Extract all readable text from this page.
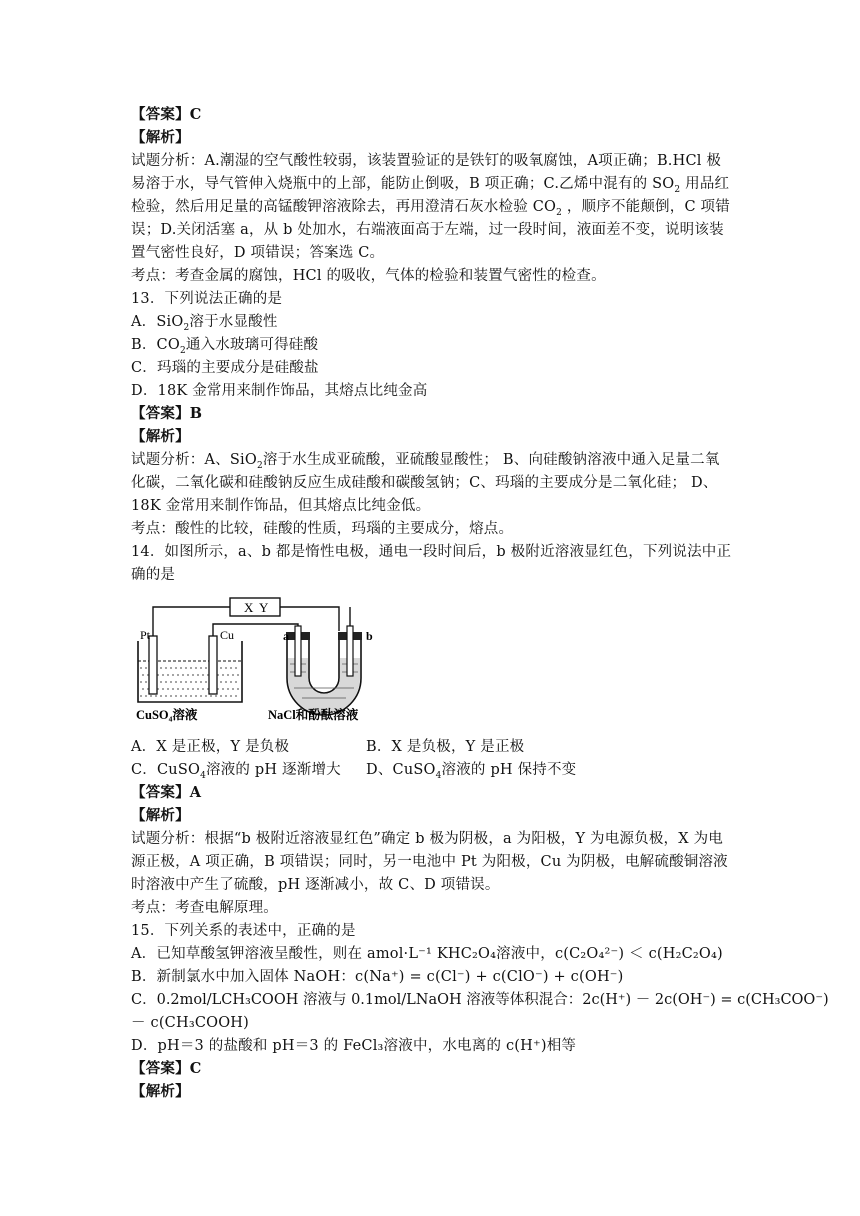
【答案】C
【解析】
试题分析：A.潮湿的空气酸性较弱，该装置验证的是铁钉的吸氧腐蚀，A项正确；B.HCl 极
易溶于水，导气管伸入烧瓶中的上部，能防止倒吸，B 项正确；C.乙烯中混有的 $SO_2$ 用品红
检验，然后用足量的高锰酸钾溶液除去，再用澄清石灰水检验 $CO_2$ ，顺序不能颠倒，C 项错
误；D.关闭活塞 a，从 b 处加水，右端液面高于左端，过一段时间，液面差不变，说明该装
置气密性良好，D 项错误；答案选 C。
考点：考查金属的腐蚀，HCl 的吸收，气体的检验和装置气密性的检查。
13．下列说法正确的是
A．SiO$_2$溶于水显酸性
B．$CO_2$通入水玻璃可得硅酸
C．玛瑙的主要成分是硅酸盐
D．18K 金常用来制作饰品，其熔点比纯金高
【答案】B
【解析】
试题分析：A、SiO$_2$溶于水生成亚硫酸，亚硫酸显酸性； B、向硅酸钠溶液中通入足量二氧
化碳，二氧化碳和硅酸钠反应生成硅酸和碳酸氢钠；C、玛瑙的主要成分是二氧化硅； D、
18K 金常用来制作饰品，但其熔点比纯金低。
考点：酸性的比较，硅酸的性质，玛瑙的主要成分，熔点。
14．如图所示，a、b 都是惰性电极，通电一段时间后，b 极附近溶液显红色，下列说法中正
确的是
X Y
Pt	Cu	a	b
CuSO₄溶液	NaCl和酚酞溶液
A．X 是正极，Y 是负极	B．X 是负极，Y 是正极
C．CuSO$_4$溶液的 pH 逐渐增大 D、CuSO$_4$溶液的 pH 保持不变
【答案】A
【解析】
试题分析：根据“b 极附近溶液显红色”确定 b 极为阴极，a 为阳极，Y 为电源负极，X 为电
源正极，A 项正确，B 项错误；同时，另一电池中 Pt 为阳极，Cu 为阴极，电解硫酸铜溶液
时溶液中产生了硫酸，pH 逐渐减小，故 C、D 项错误。
考点：考查电解原理。
15．下列关系的表述中，正确的是
A．已知草酸氢钾溶液呈酸性，则在 amol·L⁻¹ KHC₂O₄溶液中，c(C₂O₄²⁻) ＜ c(H₂C₂O₄)
B．新制氯水中加入固体 NaOH：c(Na⁺) = c(Cl⁻) + c(ClO⁻) + c(OH⁻)
C．0.2mol/LCH₃COOH 溶液与 0.1mol/LNaOH 溶液等体积混合：2c(H⁺) － 2c(OH⁻) = c(CH₃COO⁻)
－ c(CH₃COOH)
D．pH＝3 的盐酸和 pH＝3 的 FeCl₃溶液中，水电离的 c(H⁺)相等
【答案】C
【解析】
